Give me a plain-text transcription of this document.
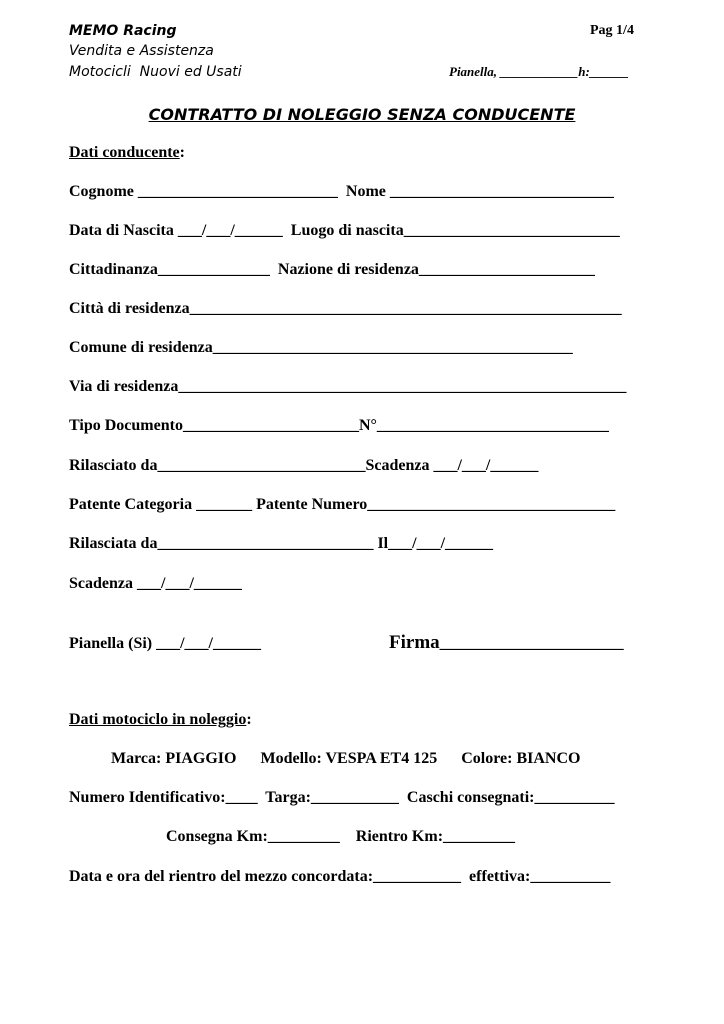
MEMO Racing
Vendita e Assistenza
Motocicli  Nuovi ed Usati
Pag 1/4
Pianella, ____________h:______
CONTRATTO DI NOLEGGIO SENZA CONDUCENTE
Dati conducente:
Cognome _________________________  Nome ____________________________
Data di Nascita ___/___/______  Luogo di nascita___________________________
Cittadinanza______________  Nazione di residenza______________________
Città di residenza______________________________________________________
Comune di residenza_____________________________________________
Via di residenza________________________________________________________
Tipo Documento______________________N°_____________________________
Rilasciato da__________________________Scadenza ___/___/______
Patente Categoria _______ Patente Numero_______________________________
Rilasciata da___________________________ Il___/___/______
Scadenza ___/___/______
Pianella (Si) ___/___/______	Firma_______________________
Dati motociclo in noleggio:
Marca: PIAGGIO      Modello: VESPA ET4 125      Colore: BIANCO
Numero Identificativo:____  Targa:___________  Caschi consegnati:__________
Consegna Km:_________    Rientro Km:_________
Data e ora del rientro del mezzo concordata:___________  effettiva:__________
